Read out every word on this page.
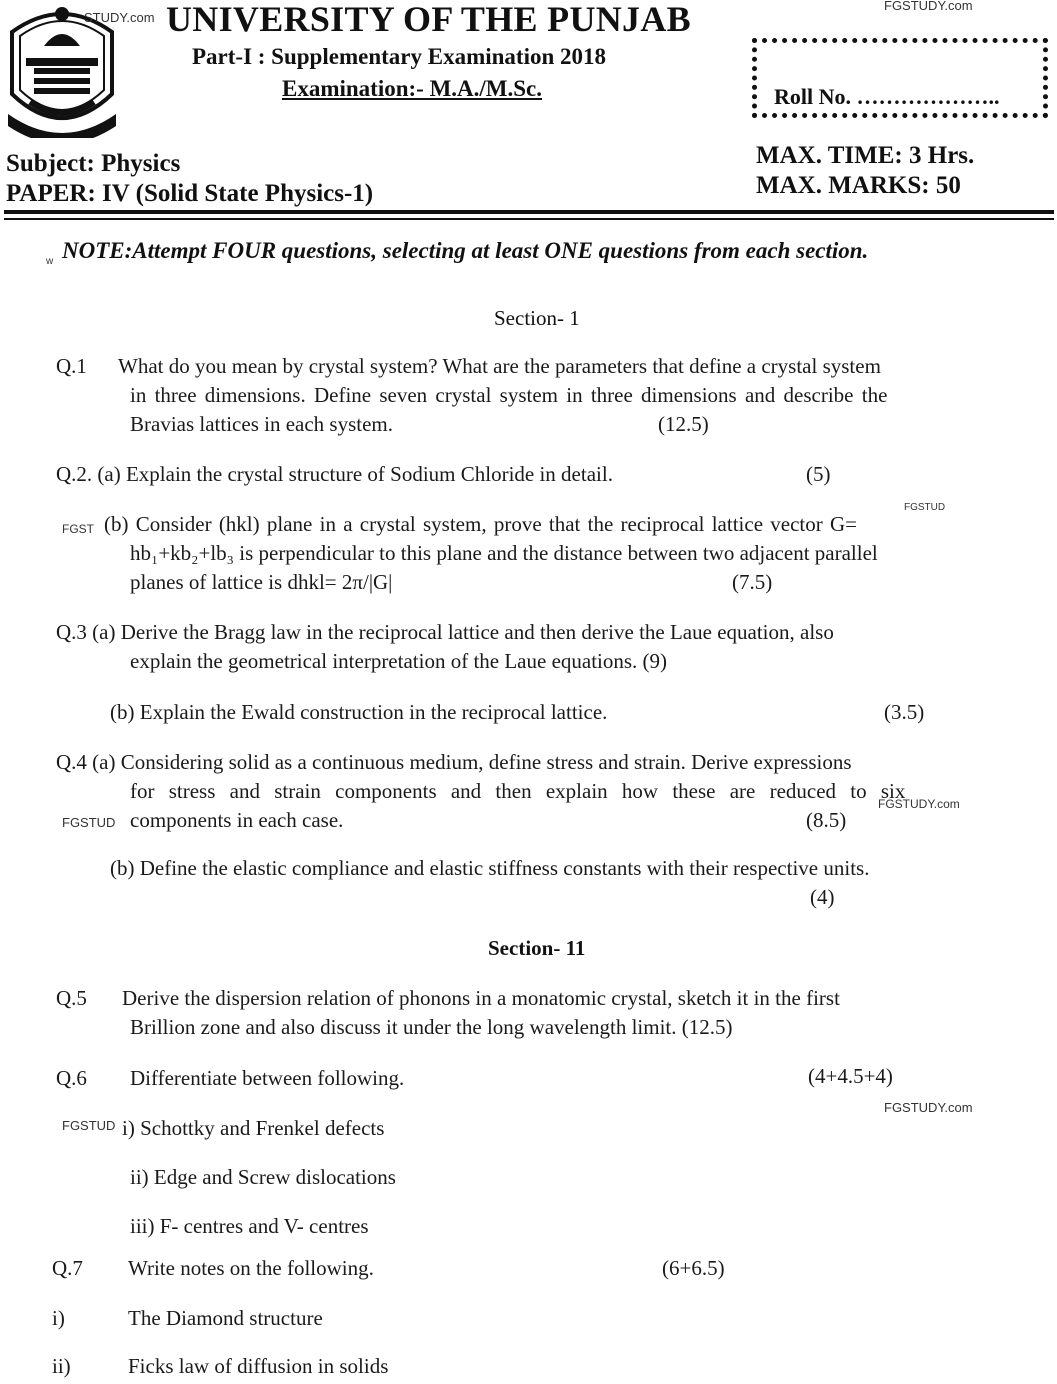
STUDY.com
FGSTUDY.com
UNIVERSITY OF THE PUNJAB
Part-I : Supplementary Examination 2018
Examination:- M.A./M.Sc.	Roll No. ………………..
Subject: Physics
PAPER: IV (Solid State Physics-1)
MAX. TIME: 3 Hrs.
MAX. MARKS: 50
w NOTE:Attempt FOUR questions, selecting at least ONE questions from each section.
Section- 1
Q.1 What do you mean by crystal system? What are the parameters that define a crystal system
in three dimensions. Define seven crystal system in three dimensions and describe the
Bravias lattices in each system.	(12.5)
Q.2. (a) Explain the crystal structure of Sodium Chloride in detail.	(5)
FGST
FGSTUD
(b) Consider (hkl) plane in a crystal system, prove that the reciprocal lattice vector G=
hb₁+kb₂+lb₃ is perpendicular to this plane and the distance between two adjacent parallel
planes of lattice is dhkl= 2π/|G|	(7.5)
Q.3 (a) Derive the Bragg law in the reciprocal lattice and then derive the Laue equation, also
explain the geometrical interpretation of the Laue equations. (9)
(b) Explain the Ewald construction in the reciprocal lattice.	(3.5)
Q.4 (a) Considering solid as a continuous medium, define stress and strain. Derive expressions
for stress and strain components and then explain how these are reduced to six
FGSTUDY.com
FGSTUD components in each case.	(8.5)
(b) Define the elastic compliance and elastic stiffness constants with their respective units.
(4)
Section- 11
Q.5 Derive the dispersion relation of phonons in a monatomic crystal, sketch it in the first
Brillion zone and also discuss it under the long wavelength limit. (12.5)
Q.6 Differentiate between following.	(4+4.5+4)
FGSTUDY.com
FGSTUD i) Schottky and Frenkel defects
ii) Edge and Screw dislocations
iii) F- centres and V- centres
Q.7 Write notes on the following.	(6+6.5)
i)	The Diamond structure
ii)	Ficks law of diffusion in solids
